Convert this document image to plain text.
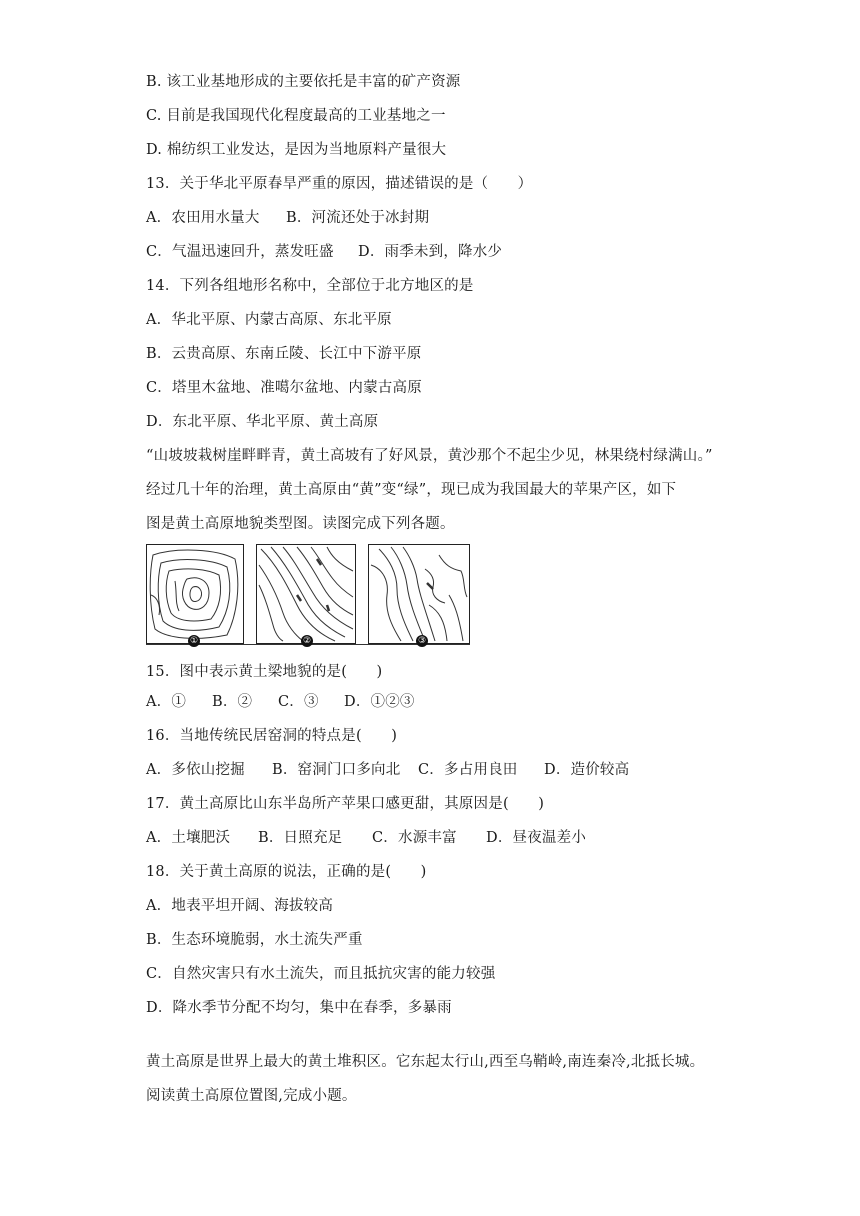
B. 该工业基地形成的主要依托是丰富的矿产资源
C. 目前是我国现代化程度最高的工业基地之一
D. 棉纺织工业发达，是因为当地原料产量很大
13．关于华北平原春旱严重的原因，描述错误的是（　　）
A．农田用水量大	B．河流还处于冰封期
C．气温迅速回升，蒸发旺盛	D．雨季未到，降水少
14．下列各组地形名称中，全部位于北方地区的是
A．华北平原、内蒙古高原、东北平原
B．云贵高原、东南丘陵、长江中下游平原
C．塔里木盆地、准噶尔盆地、内蒙古高原
D．东北平原、华北平原、黄土高原
“山坡坡栽树崖畔畔青，黄土高坡有了好风景，黄沙那个不起尘少见，林果绕村绿满山。”
经过几十年的治理，黄土高原由“黄”变“绿”，现已成为我国最大的苹果产区，如下
图是黄土高原地貌类型图。读图完成下列各题。
①	②	③
15．图中表示黄土梁地貌的是(　　)
A．①	B．②	C．③	D．①②③
16．当地传统民居窑洞的特点是(　　)
A．多依山挖掘	B．窑洞门口多向北	C．多占用良田	D．造价较高
17．黄土高原比山东半岛所产苹果口感更甜，其原因是(　　)
A．土壤肥沃	B．日照充足	C．水源丰富	D．昼夜温差小
18．关于黄土高原的说法，正确的是(　　)
A．地表平坦开阔、海拔较高
B．生态环境脆弱，水土流失严重
C．自然灾害只有水土流失，而且抵抗灾害的能力较强
D．降水季节分配不均匀，集中在春季，多暴雨
黄土高原是世界上最大的黄土堆积区。它东起太行山,西至乌鞘岭,南连秦冷,北抵长城。
阅读黄土高原位置图,完成小题。
